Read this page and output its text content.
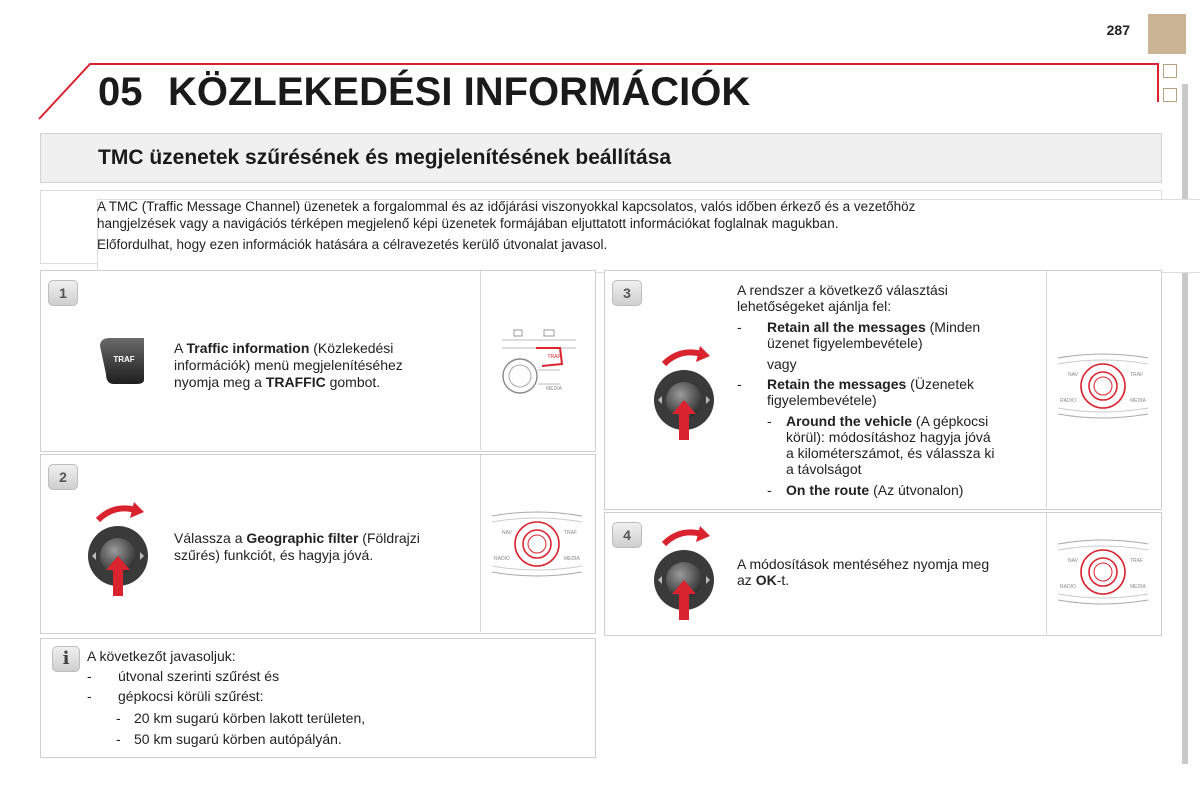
287
05 KÖZLEKEDÉSI INFORMÁCIÓK
TMC üzenetek szűrésének és megjelenítésének beállítása

A TMC (Traffic Message Channel) üzenetek a forgalommal és az időjárási viszonyokkal kapcsolatos, valós időben érkező és a vezetőhöz
hangjelzések vagy a navigációs térképen megjelenő képi üzenetek formájában eljuttatott információkat foglalnak magukban.
Előfordulhat, hogy ezen információk hatására a célravezetés kerülő útvonalat javasol.
1
TRAF
A Traffic information (Közlekedési
információk) menü megjelenítéséhez
nyomja meg a TRAFFIC gombot.
TRAF
MEDIA
2
Válassza a Geographic filter (Földrajzi
szűrés) funkciót, és hagyja jóvá.
NAV	TRAF
RADIO	MEDIA
3	A rendszer a következő választási
lehetőségeket ajánlja fel:
- Retain all the messages (Minden
üzenet figyelembevétele)
vagy
- Retain the messages (Üzenetek
figyelembevétele)
- Around the vehicle (A gépkocsi
körül): módosításhoz hagyja jóvá
a kilométerszámot, és válassza ki
a távolságot
- On the route (Az útvonalon)
NAV	TRAF
RADIO	MEDIA
4
A módosítások mentéséhez nyomja meg
az OK-t.
NAV	TRAF
RADIO	MEDIA
i	A következőt javasoljuk:
- útvonal szerinti szűrést és
- gépkocsi körüli szűrést:
- 20 km sugarú körben lakott területen,
- 50 km sugarú körben autópályán.
